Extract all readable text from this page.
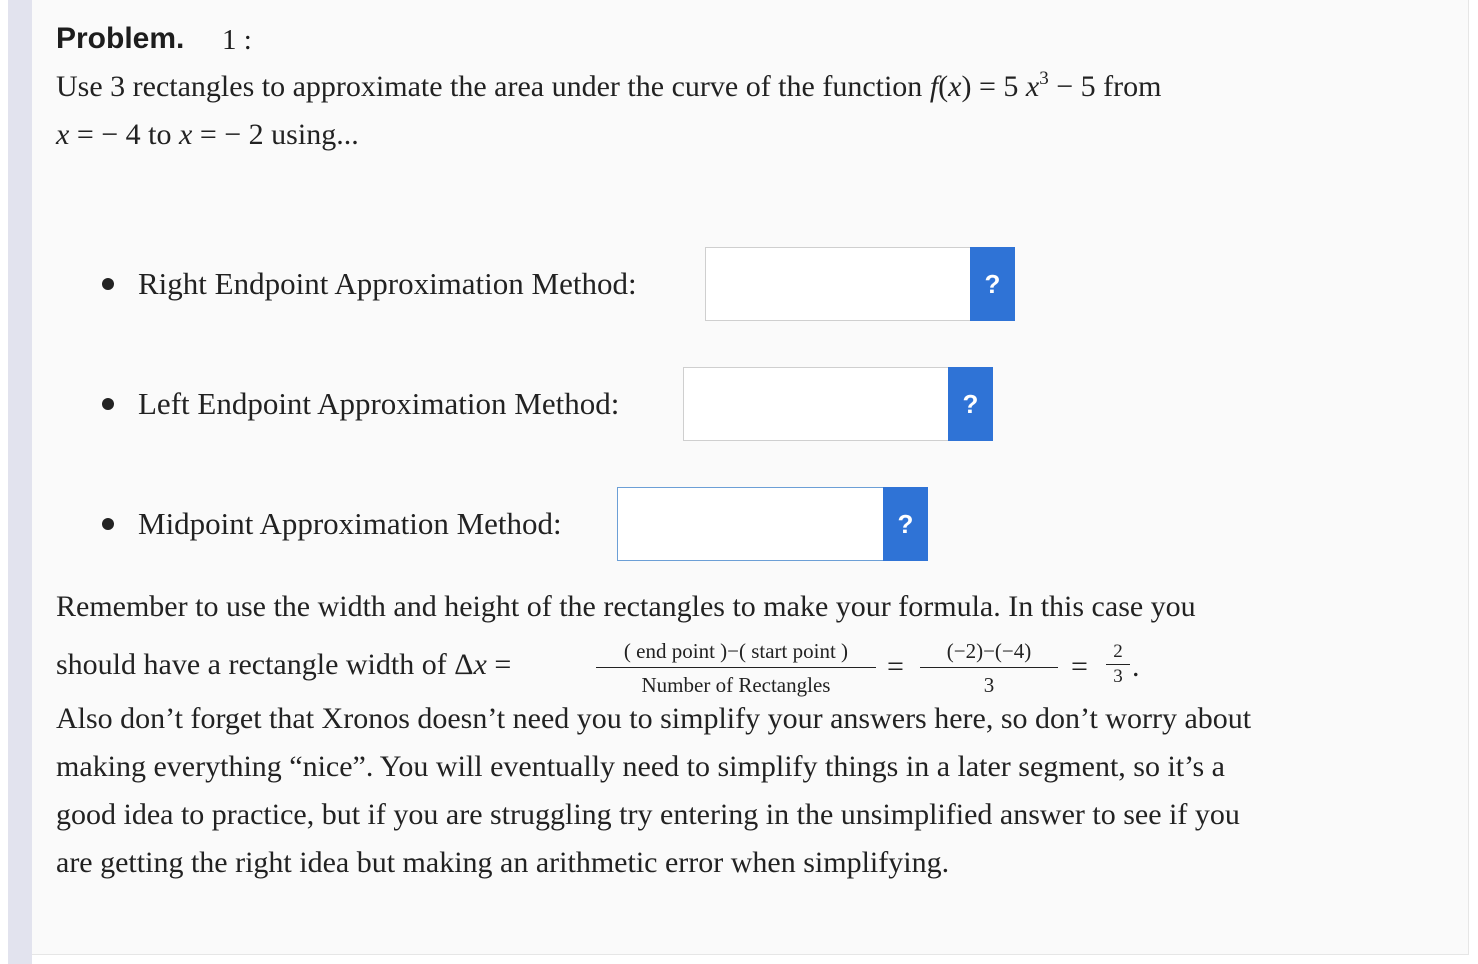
Problem. 1 :

Use 3 rectangles to approximate the area under the curve of the function f(x) = 5 $x^3 - 5$ from

x = − 4 to x = − 2 using...

Right Endpoint Approximation Method:	?
Left Endpoint Approximation Method:	?
Midpoint Approximation Method:	?

Remember to use the width and height of the rectangles to make your formula. In this case you

should have a rectangle width of Δx =	( end point )−( start point )
Number of Rectangles
=	(−2)−(−4)
3
=	2
3 .

Also don’t forget that Xronos doesn’t need you to simplify your answers here, so don’t worry about

making everything “nice”. You will eventually need to simplify things in a later segment, so it’s a

good idea to practice, but if you are struggling try entering in the unsimplified answer to see if you

are getting the right idea but making an arithmetic error when simplifying.
